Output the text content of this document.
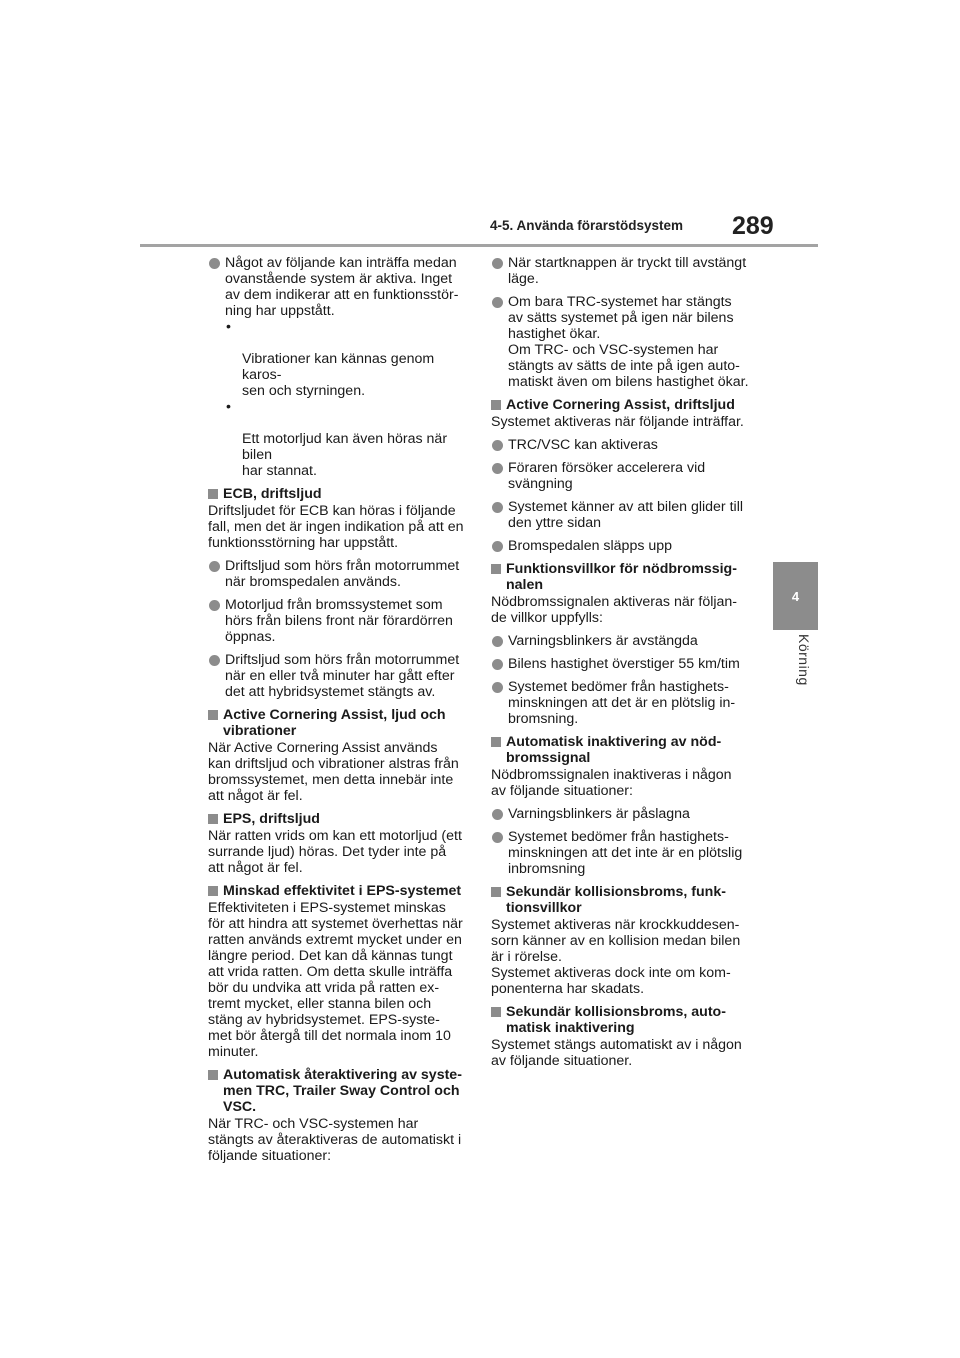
4-5. Använda förarstödsystem	289
4
Körning
Något av följande kan inträffa medan
ovanstående system är aktiva. Inget
av dem indikerar att en funktionsstör-
ning har uppstått.

•

Vibrationer kan kännas genom karos-
sen och styrningen.

•

Ett motorljud kan även höras när bilen
har stannat.

ECB, driftsljud
Driftsljudet för ECB kan höras i följande
fall, men det är ingen indikation på att en
funktionsstörning har uppstått.
Driftsljud som hörs från motorrummet
när bromspedalen används.
Motorljud från bromssystemet som
hörs från bilens front när förardörren
öppnas.
Driftsljud som hörs från motorrummet
när en eller två minuter har gått efter
det att hybridsystemet stängts av.
Active Cornering Assist, ljud och
vibrationer
När Active Cornering Assist används
kan driftsljud och vibrationer alstras från
bromssystemet, men detta innebär inte
att något är fel.
EPS, driftsljud
När ratten vrids om kan ett motorljud (ett
surrande ljud) höras. Det tyder inte på
att något är fel.
Minskad effektivitet i EPS-systemet
Effektiviteten i EPS-systemet minskas
för att hindra att systemet överhettas när
ratten används extremt mycket under en
längre period. Det kan då kännas tungt
att vrida ratten. Om detta skulle inträffa
bör du undvika att vrida på ratten ex-
tremt mycket, eller stanna bilen och
stäng av hybridsystemet. EPS-syste-
met bör återgå till det normala inom 10
minuter.
Automatisk återaktivering av syste-
men TRC, Trailer Sway Control och
VSC.
När TRC- och VSC-systemen har
stängts av återaktiveras de automatiskt i
följande situationer:
När startknappen är tryckt till avstängt
läge.
Om bara TRC-systemet har stängts
av sätts systemet på igen när bilens
hastighet ökar.
Om TRC- och VSC-systemen har
stängts av sätts de inte på igen auto-
matiskt även om bilens hastighet ökar.
Active Cornering Assist, driftsljud
Systemet aktiveras när följande inträffar.
TRC/VSC kan aktiveras
Föraren försöker accelerera vid
svängning
Systemet känner av att bilen glider till
den yttre sidan
Bromspedalen släpps upp
Funktionsvillkor för nödbromssig-
nalen
Nödbromssignalen aktiveras när följan-
de villkor uppfylls:
Varningsblinkers är avstängda
Bilens hastighet överstiger 55 km/tim
Systemet bedömer från hastighets-
minskningen att det är en plötslig in-
bromsning.
Automatisk inaktivering av nöd-
bromssignal
Nödbromssignalen inaktiveras i någon
av följande situationer:
Varningsblinkers är påslagna
Systemet bedömer från hastighets-
minskningen att det inte är en plötslig
inbromsning
Sekundär kollisionsbroms, funk-
tionsvillkor
Systemet aktiveras när krockkuddesen-
sorn känner av en kollision medan bilen
är i rörelse.
Systemet aktiveras dock inte om kom-
ponenterna har skadats.
Sekundär kollisionsbroms, auto-
matisk inaktivering
Systemet stängs automatiskt av i någon
av följande situationer.
